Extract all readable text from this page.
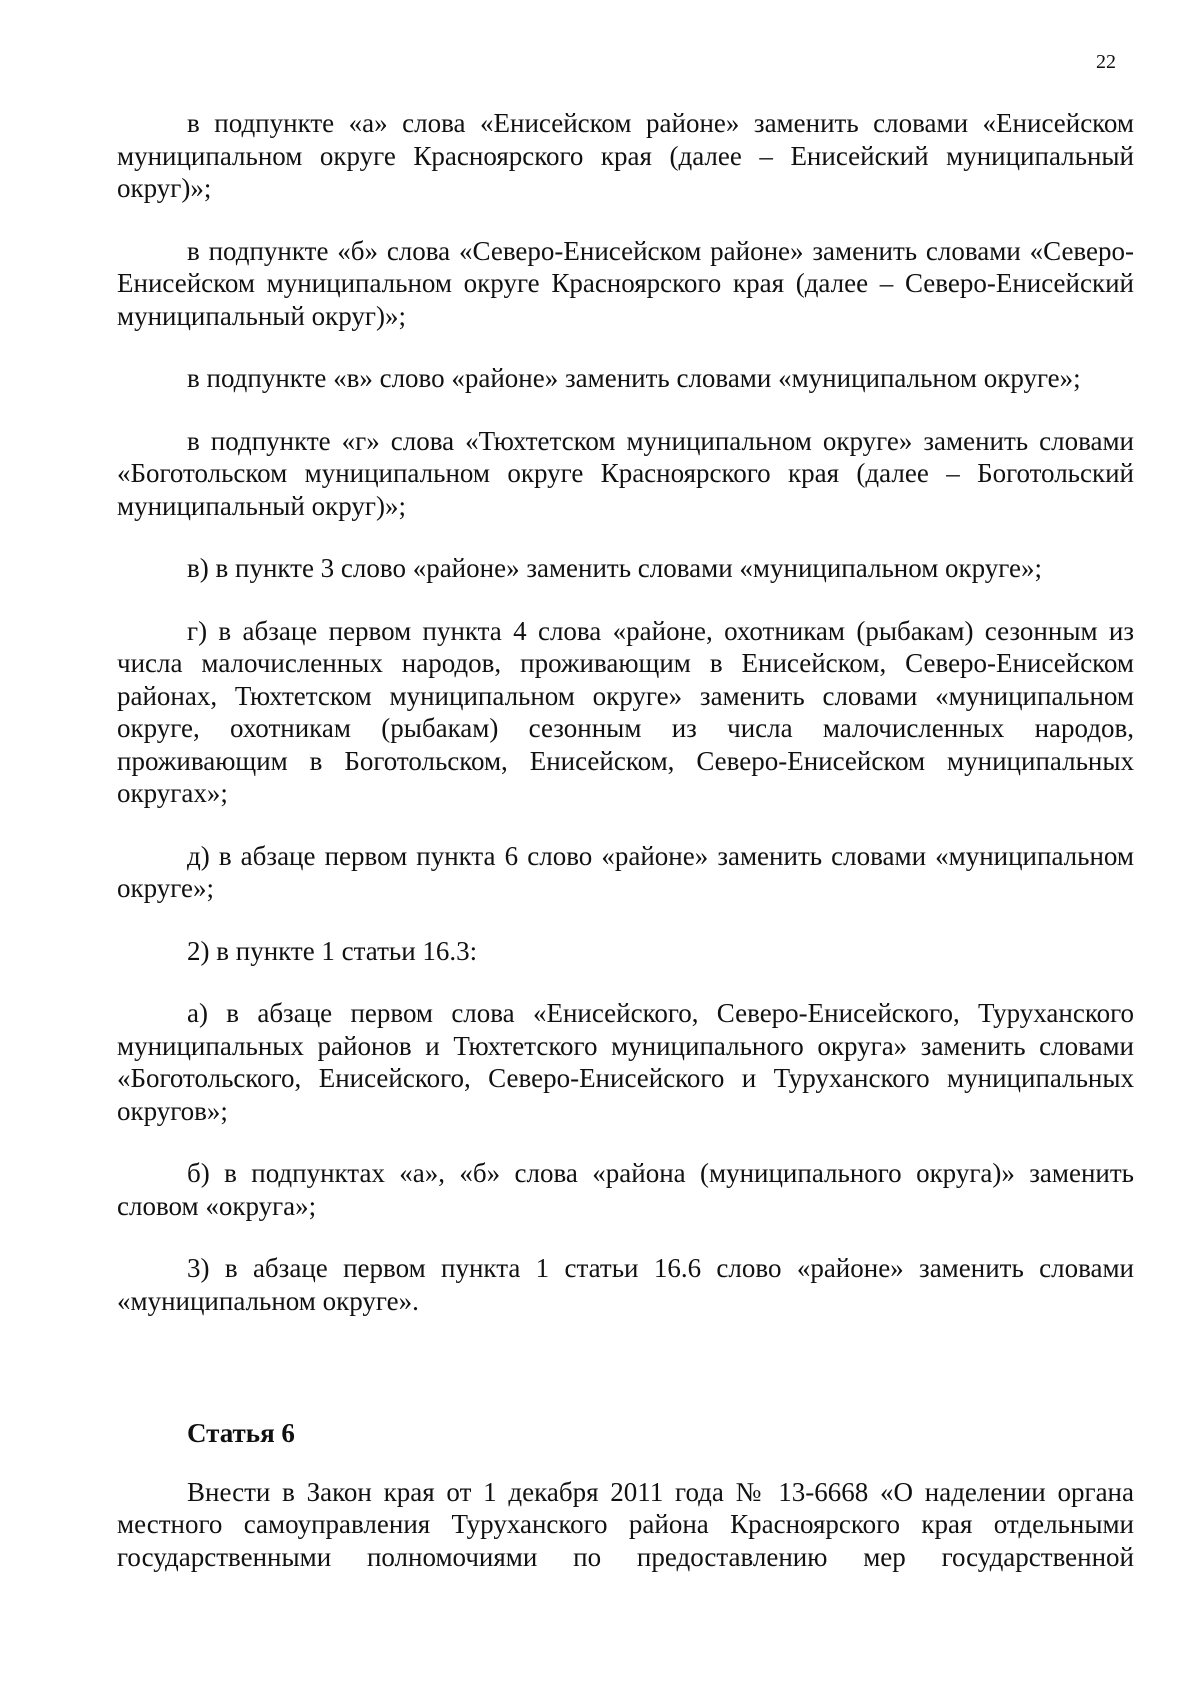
22

в подпункте «а» слова «Енисейском районе» заменить словами «Енисейском муниципальном округе Красноярского края (далее – Енисейский муниципальный округ)»;

в подпункте «б» слова «Северо-Енисейском районе» заменить словами «Северо-Енисейском муниципальном округе Красноярского края (далее – Северо-Енисейский муниципальный округ)»;

в подпункте «в» слово «районе» заменить словами «муниципальном округе»;

в подпункте «г» слова «Тюхтетском муниципальном округе» заменить словами «Боготольском муниципальном округе Красноярского края (далее – Боготольский муниципальный округ)»;

в) в пункте 3 слово «районе» заменить словами «муниципальном округе»;

г) в абзаце первом пункта 4 слова «районе, охотникам (рыбакам) сезонным из числа малочисленных народов, проживающим в Енисейском, Северо-Енисейском районах, Тюхтетском муниципальном округе» заменить словами «муниципальном округе, охотникам (рыбакам) сезонным из числа малочисленных народов, проживающим в Боготольском, Енисейском, Северо-Енисейском муниципальных округах»;

д) в абзаце первом пункта 6 слово «районе» заменить словами «муниципальном округе»;

2) в пункте 1 статьи 16.3:

а) в абзаце первом слова «Енисейского, Северо-Енисейского, Туруханского муниципальных районов и Тюхтетского муниципального округа» заменить словами «Боготольского, Енисейского, Северо-Енисейского и Туруханского муниципальных округов»;

б) в подпунктах «а», «б» слова «района (муниципального округа)» заменить словом «округа»;

3) в абзаце первом пункта 1 статьи 16.6 слово «районе» заменить словами «муниципальном округе».

Статья 6

Внести в Закон края от 1 декабря 2011 года № 13-6668 «О наделении органа местного самоуправления Туруханского района Красноярского края отдельными государственными полномочиями по предоставлению мер государственной
